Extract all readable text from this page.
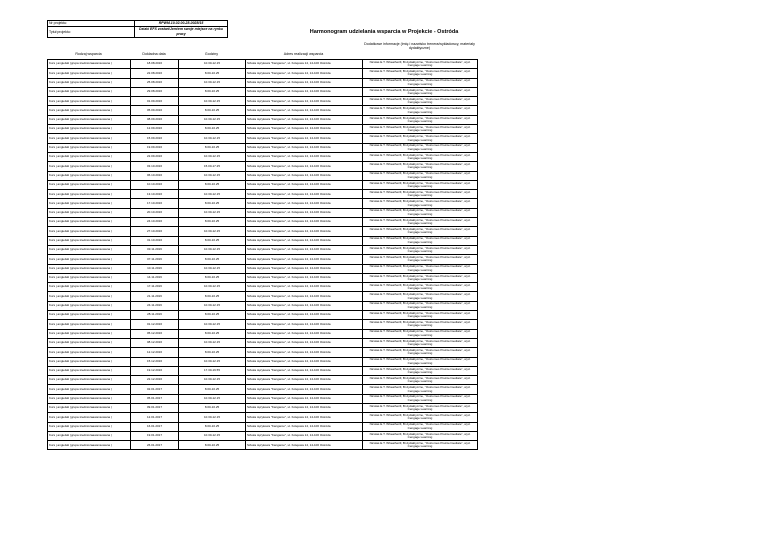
Nr projektu:	RPWM.10.02.00-28-0028/15
Tytuł projektu:	Dziaki EFS zostań/Jem/em swoje miejsce na rynku pracy	Harmonogram udzielania wsparcia w Projekcie - Ostróda
Rodzaj wsparcia	Dokładna data	Godziny	Adres realizacji wsparcia
Dodatkowe informacje (imię i nazwisko trenera/wykładowcy, materiały dydaktyczne)
Kurs j.angielski (grupa średniozaawansowana )	18.08.2016	10.30-12.15	Szkoła Językowa "Kangaroo", ul. Kolejowa 14, 14-100 Ostróda	Nicolas E.T. Wheatherill, Bi dydaktyczne, "Outcomes Preintermediate", wyd. Cengage Learning
Kurs j.angielski (grupa średniozaawansowana )	22.08.2016	8.00-10.25	Szkoła Językowa "Kangaroo", ul. Kolejowa 14, 14-100 Ostróda	Nicolas E.T. Wheatherill, Bi dydaktyczne, "Outcomes Preintermediate", wyd. Cengage Learning
Kurs j.angielski (grupa średniozaawansowana )	25.08.2016	10.30-12.15	Szkoła Językowa "Kangaroo", ul. Kolejowa 14, 14-100 Ostróda	Nicolas E.T. Wheatherill, Bi dydaktyczne, "Outcomes Preintermediate", wyd. Cengage Learning
Kurs j.angielski (grupa średniozaawansowana )	29.08.2016	8.00-10.25	Szkoła Językowa "Kangaroo", ul. Kolejowa 14, 14-100 Ostróda	Nicolas E.T. Wheatherill, Bi dydaktyczne, "Outcomes Preintermediate", wyd. Cengage Learning
Kurs j.angielski (grupa średniozaawansowana )	01.09.2016	10.30-12.15	Szkoła Językowa "Kangaroo", ul. Kolejowa 14, 14-100 Ostróda	Nicolas E.T. Wheatherill, Bi dydaktyczne, "Outcomes Preintermediate", wyd. Cengage Learning
Kurs j.angielski (grupa średniozaawansowana )	05.09.2016	8.00-10.25	Szkoła Językowa "Kangaroo", ul. Kolejowa 14, 14-100 Ostróda	Nicolas E.T. Wheatherill, Bi dydaktyczne, "Outcomes Preintermediate", wyd. Cengage Learning
Kurs j.angielski (grupa średniozaawansowana )	08.09.2016	10.30-12.15	Szkoła Językowa "Kangaroo", ul. Kolejowa 14, 14-100 Ostróda	Nicolas E.T. Wheatherill, Bi dydaktyczne, "Outcomes Preintermediate", wyd. Cengage Learning
Kurs j.angielski (grupa średniozaawansowana )	12.09.2016	8.00-10.25	Szkoła Językowa "Kangaroo", ul. Kolejowa 14, 14-100 Ostróda	Nicolas E.T. Wheatherill, Bi dydaktyczne, "Outcomes Preintermediate", wyd. Cengage Learning
Kurs j.angielski (grupa średniozaawansowana )	15.09.2016	10.30-12.15	Szkoła Językowa "Kangaroo", ul. Kolejowa 14, 14-100 Ostróda	Nicolas E.T. Wheatherill, Bi dydaktyczne, "Outcomes Preintermediate", wyd. Cengage Learning
Kurs j.angielski (grupa średniozaawansowana )	19.09.2016	8.00-10.25	Szkoła Językowa "Kangaroo", ul. Kolejowa 14, 14-100 Ostróda	Nicolas E.T. Wheatherill, Bi dydaktyczne, "Outcomes Preintermediate", wyd. Cengage Learning
Kurs j.angielski (grupa średniozaawansowana )	22.09.2016	10.30-12.15	Szkoła Językowa "Kangaroo", ul. Kolejowa 14, 14-100 Ostróda	Nicolas E.T. Wheatherill, Bi dydaktyczne, "Outcomes Preintermediate", wyd. Cengage Learning
Kurs j.angielski (grupa średniozaawansowana )	03.10.2016	15.00-17.25	Szkoła Językowa "Kangaroo", ul. Kolejowa 14, 14-100 Ostróda	Nicolas E.T. Wheatherill, Bi dydaktyczne, "Outcomes Preintermediate", wyd. Cengage Learning
Kurs j.angielski (grupa średniozaawansowana )	06.10.2016	10.30-12.15	Szkoła Językowa "Kangaroo", ul. Kolejowa 14, 14-100 Ostróda	Nicolas E.T. Wheatherill, Bi dydaktyczne, "Outcomes Preintermediate", wyd. Cengage Learning
Kurs j.angielski (grupa średniozaawansowana )	10.10.2016	8.00-10.25	Szkoła Językowa "Kangaroo", ul. Kolejowa 14, 14-100 Ostróda	Nicolas E.T. Wheatherill, Bi dydaktyczne, "Outcomes Preintermediate", wyd. Cengage Learning
Kurs j.angielski (grupa średniozaawansowana )	13.10.2016	10.30-12.15	Szkoła Językowa "Kangaroo", ul. Kolejowa 14, 14-100 Ostróda	Nicolas E.T. Wheatherill, Bi dydaktyczne, "Outcomes Preintermediate", wyd. Cengage Learning
Kurs j.angielski (grupa średniozaawansowana )	17.10.2016	8.00-10.25	Szkoła Językowa "Kangaroo", ul. Kolejowa 14, 14-100 Ostróda	Nicolas E.T. Wheatherill, Bi dydaktyczne, "Outcomes Preintermediate", wyd. Cengage Learning
Kurs j.angielski (grupa średniozaawansowana )	20.10.2016	10.30-12.15	Szkoła Językowa "Kangaroo", ul. Kolejowa 14, 14-100 Ostróda	Nicolas E.T. Wheatherill, Bi dydaktyczne, "Outcomes Preintermediate", wyd. Cengage Learning
Kurs j.angielski (grupa średniozaawansowana )	24.10.2016	8.00-10.25	Szkoła Językowa "Kangaroo", ul. Kolejowa 14, 14-100 Ostróda	Nicolas E.T. Wheatherill, Bi dydaktyczne, "Outcomes Preintermediate", wyd. Cengage Learning
Kurs j.angielski (grupa średniozaawansowana )	27.10.2016	10.30-12.15	Szkoła Językowa "Kangaroo", ul. Kolejowa 14, 14-100 Ostróda	Nicolas E.T. Wheatherill, Bi dydaktyczne, "Outcomes Preintermediate", wyd. Cengage Learning
Kurs j.angielski (grupa średniozaawansowana )	31.10.2016	8.00-10.25	Szkoła Językowa "Kangaroo", ul. Kolejowa 14, 14-100 Ostróda	Nicolas E.T. Wheatherill, Bi dydaktyczne, "Outcomes Preintermediate", wyd. Cengage Learning
Kurs j.angielski (grupa średniozaawansowana )	03.11.2016	10.30-12.15	Szkoła Językowa "Kangaroo", ul. Kolejowa 14, 14-100 Ostróda	Nicolas E.T. Wheatherill, Bi dydaktyczne, "Outcomes Preintermediate", wyd. Cengage Learning
Kurs j.angielski (grupa średniozaawansowana )	07.11.2016	8.00-10.25	Szkoła Językowa "Kangaroo", ul. Kolejowa 14, 14-100 Ostróda	Nicolas E.T. Wheatherill, Bi dydaktyczne, "Outcomes Preintermediate", wyd. Cengage Learning
Kurs j.angielski (grupa średniozaawansowana )	10.11.2016	10.30-12.15	Szkoła Językowa "Kangaroo", ul. Kolejowa 14, 14-100 Ostróda	Nicolas E.T. Wheatherill, Bi dydaktyczne, "Outcomes Preintermediate", wyd. Cengage Learning
Kurs j.angielski (grupa średniozaawansowana )	14.11.2016	8.00-10.25	Szkoła Językowa "Kangaroo", ul. Kolejowa 14, 14-100 Ostróda	Nicolas E.T. Wheatherill, Bi dydaktyczne, "Outcomes Preintermediate", wyd. Cengage Learning
Kurs j.angielski (grupa średniozaawansowana )	17.11.2016	10.30-12.15	Szkoła Językowa "Kangaroo", ul. Kolejowa 14, 14-100 Ostróda	Nicolas E.T. Wheatherill, Bi dydaktyczne, "Outcomes Preintermediate", wyd. Cengage Learning
Kurs j.angielski (grupa średniozaawansowana )	21.11.2016	8.00-10.25	Szkoła Językowa "Kangaroo", ul. Kolejowa 14, 14-100 Ostróda	Nicolas E.T. Wheatherill, Bi dydaktyczne, "Outcomes Preintermediate", wyd. Cengage Learning
Kurs j.angielski (grupa średniozaawansowana )	24.11.2016	10.30-12.15	Szkoła Językowa "Kangaroo", ul. Kolejowa 14, 14-100 Ostróda	Nicolas E.T. Wheatherill, Bi dydaktyczne, "Outcomes Preintermediate", wyd. Cengage Learning
Kurs j.angielski (grupa średniozaawansowana )	28.11.2016	8.00-10.25	Szkoła Językowa "Kangaroo", ul. Kolejowa 14, 14-100 Ostróda	Nicolas E.T. Wheatherill, Bi dydaktyczne, "Outcomes Preintermediate", wyd. Cengage Learning
Kurs j.angielski (grupa średniozaawansowana )	01.12.2016	10.30-12.15	Szkoła Językowa "Kangaroo", ul. Kolejowa 14, 14-100 Ostróda	Nicolas E.T. Wheatherill, Bi dydaktyczne, "Outcomes Preintermediate", wyd. Cengage Learning
Kurs j.angielski (grupa średniozaawansowana )	05.12.2016	8.00-10.25	Szkoła Językowa "Kangaroo", ul. Kolejowa 14, 14-100 Ostróda	Nicolas E.T. Wheatherill, Bi dydaktyczne, "Outcomes Preintermediate", wyd. Cengage Learning
Kurs j.angielski (grupa średniozaawansowana )	08.12.2016	10.30-12.15	Szkoła Językowa "Kangaroo", ul. Kolejowa 14, 14-100 Ostróda	Nicolas E.T. Wheatherill, Bi dydaktyczne, "Outcomes Preintermediate", wyd. Cengage Learning
Kurs j.angielski (grupa średniozaawansowana )	12.12.2016	8.00-10.25	Szkoła Językowa "Kangaroo", ul. Kolejowa 14, 14-100 Ostróda	Nicolas E.T. Wheatherill, Bi dydaktyczne, "Outcomes Preintermediate", wyd. Cengage Learning
Kurs j.angielski (grupa średniozaawansowana )	15.12.2016	10.30-12.15	Szkoła Językowa "Kangaroo", ul. Kolejowa 14, 14-100 Ostróda	Nicolas E.T. Wheatherill, Bi dydaktyczne, "Outcomes Preintermediate", wyd. Cengage Learning
Kurs j.angielski (grupa średniozaawansowana )	19.12.2016	17.30-19.55	Szkoła Językowa "Kangaroo", ul. Kolejowa 14, 14-100 Ostróda	Nicolas E.T. Wheatherill, Bi dydaktyczne, "Outcomes Preintermediate", wyd. Cengage Learning
Kurs j.angielski (grupa średniozaawansowana )	22.12.2016	10.30-12.15	Szkoła Językowa "Kangaroo", ul. Kolejowa 14, 14-100 Ostróda	Nicolas E.T. Wheatherill, Bi dydaktyczne, "Outcomes Preintermediate", wyd. Cengage Learning
Kurs j.angielski (grupa średniozaawansowana )	02.01.2017	8.00-10.25	Szkoła Językowa "Kangaroo", ul. Kolejowa 14, 14-100 Ostróda	Nicolas E.T. Wheatherill, Bi dydaktyczne, "Outcomes Preintermediate", wyd. Cengage Learning
Kurs j.angielski (grupa średniozaawansowana )	05.01.2017	10.30-12.15	Szkoła Językowa "Kangaroo", ul. Kolejowa 14, 14-100 Ostróda	Nicolas E.T. Wheatherill, Bi dydaktyczne, "Outcomes Preintermediate", wyd. Cengage Learning
Kurs j.angielski (grupa średniozaawansowana )	09.01.2017	8.00-10.25	Szkoła Językowa "Kangaroo", ul. Kolejowa 14, 14-100 Ostróda	Nicolas E.T. Wheatherill, Bi dydaktyczne, "Outcomes Preintermediate", wyd. Cengage Learning
Kurs j.angielski (grupa średniozaawansowana )	12.01.2017	10.30-12.15	Szkoła Językowa "Kangaroo", ul. Kolejowa 14, 14-100 Ostróda	Nicolas E.T. Wheatherill, Bi dydaktyczne, "Outcomes Preintermediate", wyd. Cengage Learning
Kurs j.angielski (grupa średniozaawansowana )	16.01.2017	8.00-10.25	Szkoła Językowa "Kangaroo", ul. Kolejowa 14, 14-100 Ostróda	Nicolas E.T. Wheatherill, Bi dydaktyczne, "Outcomes Preintermediate", wyd. Cengage Learning
Kurs j.angielski (grupa średniozaawansowana )	19.01.2017	10.30-12.15	Szkoła Językowa "Kangaroo", ul. Kolejowa 14, 14-100 Ostróda	Nicolas E.T. Wheatherill, Bi dydaktyczne, "Outcomes Preintermediate", wyd. Cengage Learning
Kurs j.angielski (grupa średniozaawansowana )	26.01.2017	8.00-10.25	Szkoła Językowa "Kangaroo", ul. Kolejowa 14, 14-100 Ostróda	Nicolas E.T. Wheatherill, Bi dydaktyczne, "Outcomes Preintermediate", wyd. Cengage Learning
